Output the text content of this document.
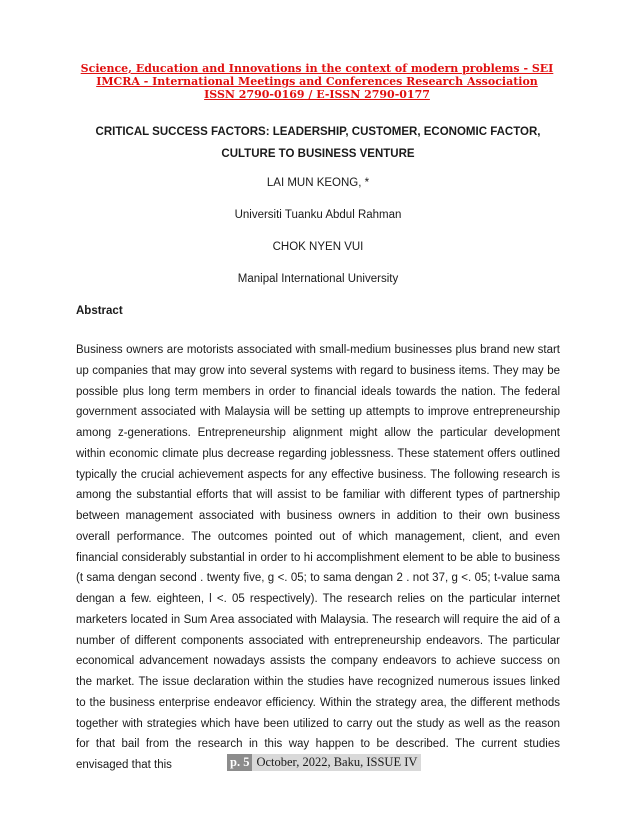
Science, Education and Innovations in the context of modern problems - SEI
IMCRA - International Meetings and Conferences Research Association
ISSN 2790-0169 / E-ISSN 2790-0177
CRITICAL SUCCESS FACTORS: LEADERSHIP, CUSTOMER, ECONOMIC FACTOR,
CULTURE TO BUSINESS VENTURE
LAI MUN KEONG, *
Universiti Tuanku Abdul Rahman
CHOK NYEN VUI
Manipal International University
Abstract
Business owners are motorists associated with small-medium businesses plus brand new start up companies that may grow into several systems with regard to business items. They may be possible plus long term members in order to financial ideals towards the nation. The federal government associated with Malaysia will be setting up attempts to improve entrepreneurship among z-generations. Entrepreneurship alignment might allow the particular development within economic climate plus decrease regarding joblessness. These statement offers outlined typically the crucial achievement aspects for any effective business. The following research is among the substantial efforts that will assist to be familiar with different types of partnership between management associated with business owners in addition to their own business overall performance. The outcomes pointed out of which management, client, and even financial considerably substantial in order to hi accomplishment element to be able to business (t sama dengan second . twenty five, g <. 05; to sama dengan 2 . not 37, g <. 05; t-value sama dengan a few. eighteen, l <. 05 respectively). The research relies on the particular internet marketers located in Sum Area associated with Malaysia. The research will require the aid of a number of different components associated with entrepreneurship endeavors. The particular economical advancement nowadays assists the company endeavors to achieve success on the market. The issue declaration within the studies have recognized numerous issues linked to the business enterprise endeavor efficiency. Within the strategy area, the different methods together with strategies which have been utilized to carry out the study as well as the reason for that bail from the research in this way happen to be described. The current studies envisaged that this	p. 5 October, 2022, Baku, ISSUE IV
